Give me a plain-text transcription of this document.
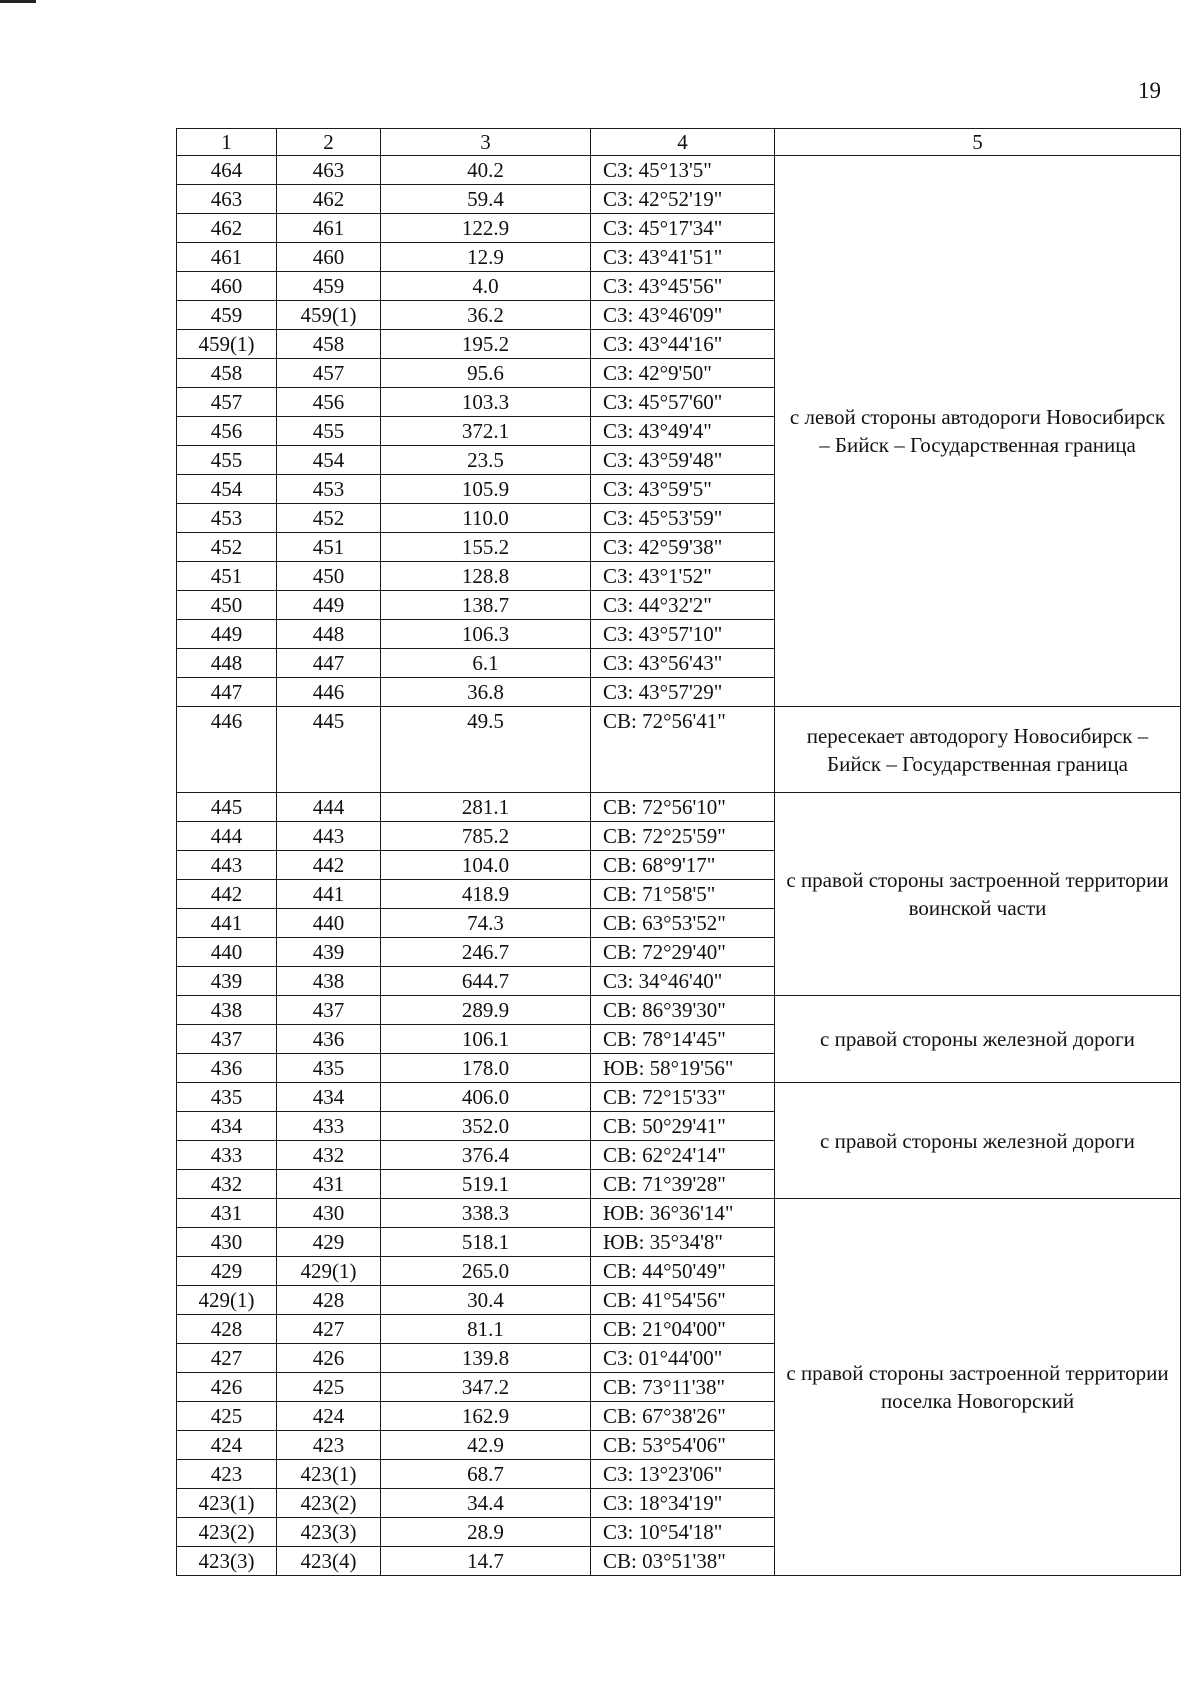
19
1	2	3	4	5
464	463	40.2	СЗ: 45°13'5"	с левой стороны автодороги Новосибирск – Бийск – Государственная граница
463	462	59.4	СЗ: 42°52'19"	
462	461	122.9	СЗ: 45°17'34"	
461	460	12.9	СЗ: 43°41'51"	
460	459	4.0	СЗ: 43°45'56"	
459	459(1)	36.2	СЗ: 43°46'09"	
459(1)	458	195.2	СЗ: 43°44'16"	
458	457	95.6	СЗ: 42°9'50"	
457	456	103.3	СЗ: 45°57'60"	
456	455	372.1	СЗ: 43°49'4"	
455	454	23.5	СЗ: 43°59'48"	
454	453	105.9	СЗ: 43°59'5"	
453	452	110.0	СЗ: 45°53'59"	
452	451	155.2	СЗ: 42°59'38"	
451	450	128.8	СЗ: 43°1'52"	
450	449	138.7	СЗ: 44°32'2"	
449	448	106.3	СЗ: 43°57'10"	
448	447	6.1	СЗ: 43°56'43"	
447	446	36.8	СЗ: 43°57'29"	
446	445	49.5	СВ: 72°56'41"	пересекает автодорогу Новосибирск – Бийск – Государственная граница
445	444	281.1	СВ: 72°56'10"	с правой стороны застроенной территории воинской части
444	443	785.2	СВ: 72°25'59"	
443	442	104.0	СВ: 68°9'17"	
442	441	418.9	СВ: 71°58'5"	
441	440	74.3	СВ: 63°53'52"	
440	439	246.7	СВ: 72°29'40"	
439	438	644.7	СЗ: 34°46'40"	
438	437	289.9	СВ: 86°39'30"	с правой стороны железной дороги
437	436	106.1	СВ: 78°14'45"	
436	435	178.0	ЮВ: 58°19'56"	
435	434	406.0	СВ: 72°15'33"	с правой стороны железной дороги
434	433	352.0	СВ: 50°29'41"	
433	432	376.4	СВ: 62°24'14"	
432	431	519.1	СВ: 71°39'28"	
431	430	338.3	ЮВ: 36°36'14"	с правой стороны застроенной территории поселка Новогорский
430	429	518.1	ЮВ: 35°34'8"	
429	429(1)	265.0	СВ: 44°50'49"	
429(1)	428	30.4	СВ: 41°54'56"	
428	427	81.1	СВ: 21°04'00"	
427	426	139.8	СЗ: 01°44'00"	
426	425	347.2	СВ: 73°11'38"	
425	424	162.9	СВ: 67°38'26"	
424	423	42.9	СВ: 53°54'06"	
423	423(1)	68.7	СЗ: 13°23'06"	
423(1)	423(2)	34.4	СЗ: 18°34'19"	
423(2)	423(3)	28.9	СЗ: 10°54'18"	
423(3)	423(4)	14.7	СВ: 03°51'38"	
